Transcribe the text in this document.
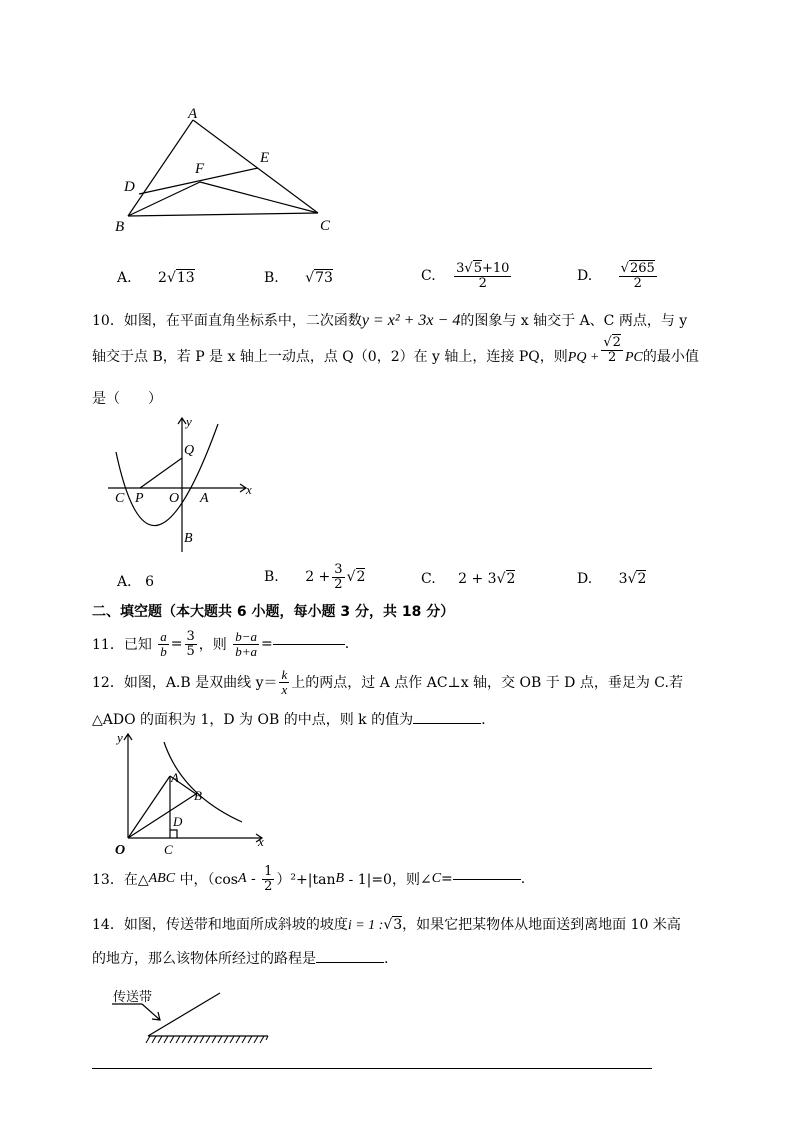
A
E
F
D
B	C
A. 2√13	B. √73	C. $\frac{3√5+10}{2}$	D. $\frac{√265}{2}$
10．如图，在平面直角坐标系中，二次函数y = x² + 3x − 4的图象与 x 轴交于 A、C 两点，与 y
轴交于点 B，若 P 是 x 轴上一动点，点 Q（0，2）在 y 轴上，连接 PQ，则PQ + $\frac{√2}{2}$ PC的最小值
是（　　）
y
x
Q
C P O A
B
A． 6	B. $2 + \frac{3}{2} √2$	C. 2 + 3√2	D. 3√2
二、填空题（本大题共 6 小题，每小题 3 分，共 18 分）
11．已知 $\frac{a}{b} = \frac{3}{5}$ ，则 $\frac{b-a}{b+a}$ =	.
12．如图，A.B 是双曲线 $y= \frac{k}{x}$ 上的两点，过 A 点作 AC⊥x 轴，交 OB 于 D 点，垂足为 C.若
△ADO 的面积为 1，D 为 OB 的中点，则 k 的值为	.
y
x
O
A
B
D
C
13．在△ABC 中，$(\cos A - \frac{1}{2} )^2+|\tan B - 1|=0$，则∠C=	.
14．如图，传送带和地面所成斜坡的坡度i = 1 :√3，如果它把某物体从地面送到离地面 10 米高
的地方，那么该物体所经过的路程是	.
传送带
